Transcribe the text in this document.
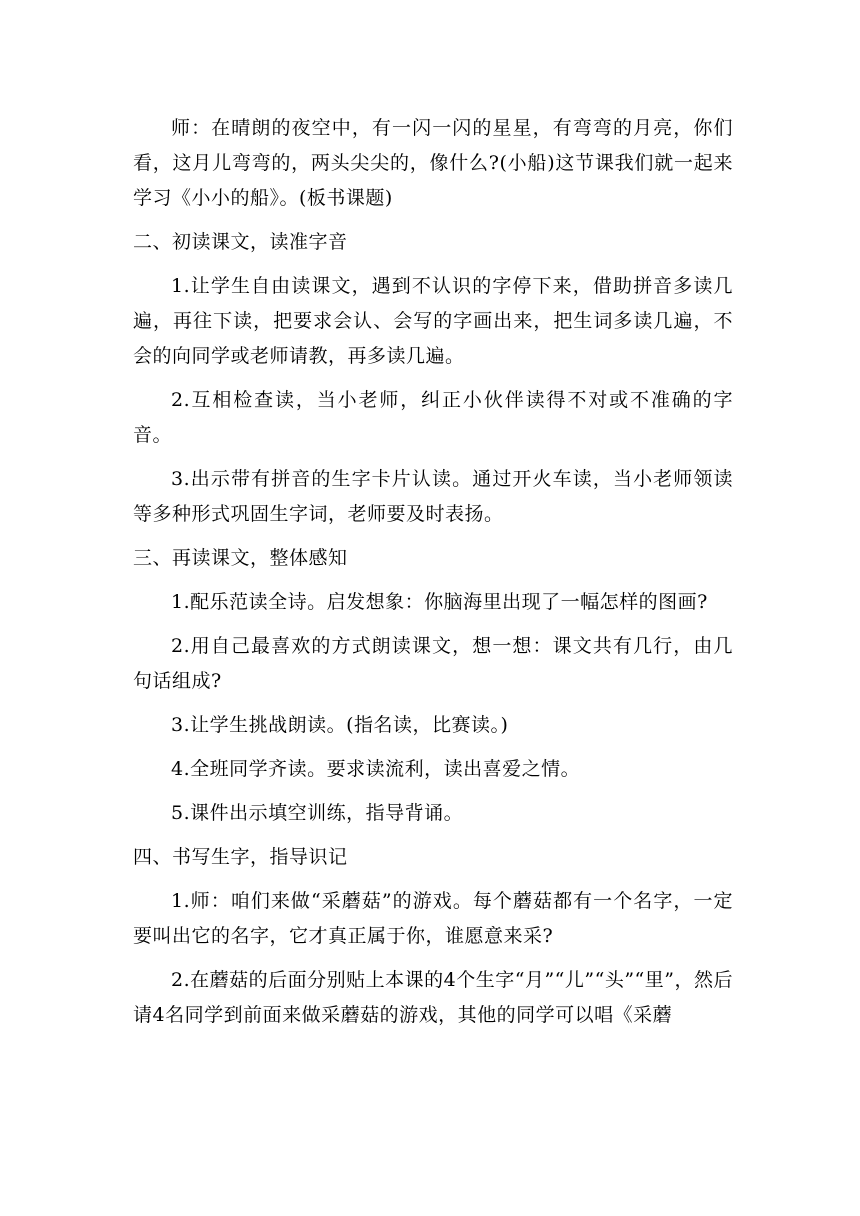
师：在晴朗的夜空中，有一闪一闪的星星，有弯弯的月亮，你们看，这月儿弯弯的，两头尖尖的，像什么?(小船)这节课我们就一起来学习《小小的船》。(板书课题)

二、初读课文，读准字音

1.让学生自由读课文，遇到不认识的字停下来，借助拼音多读几遍，再往下读，把要求会认、会写的字画出来，把生词多读几遍，不会的向同学或老师请教，再多读几遍。

2.互相检查读，当小老师，纠正小伙伴读得不对或不准确的字音。

3.出示带有拼音的生字卡片认读。通过开火车读，当小老师领读等多种形式巩固生字词，老师要及时表扬。

三、再读课文，整体感知

1.配乐范读全诗。启发想象：你脑海里出现了一幅怎样的图画?

2.用自己最喜欢的方式朗读课文，想一想：课文共有几行，由几句话组成?

3.让学生挑战朗读。(指名读，比赛读。)

4.全班同学齐读。要求读流利，读出喜爱之情。

5.课件出示填空训练，指导背诵。

四、书写生字，指导识记

1.师：咱们来做“采蘑菇”的游戏。每个蘑菇都有一个名字，一定要叫出它的名字，它才真正属于你，谁愿意来采?

2.在蘑菇的后面分别贴上本课的4个生字“月”“儿”“头”“里”，然后请4名同学到前面来做采蘑菇的游戏，其他的同学可以唱《采蘑
